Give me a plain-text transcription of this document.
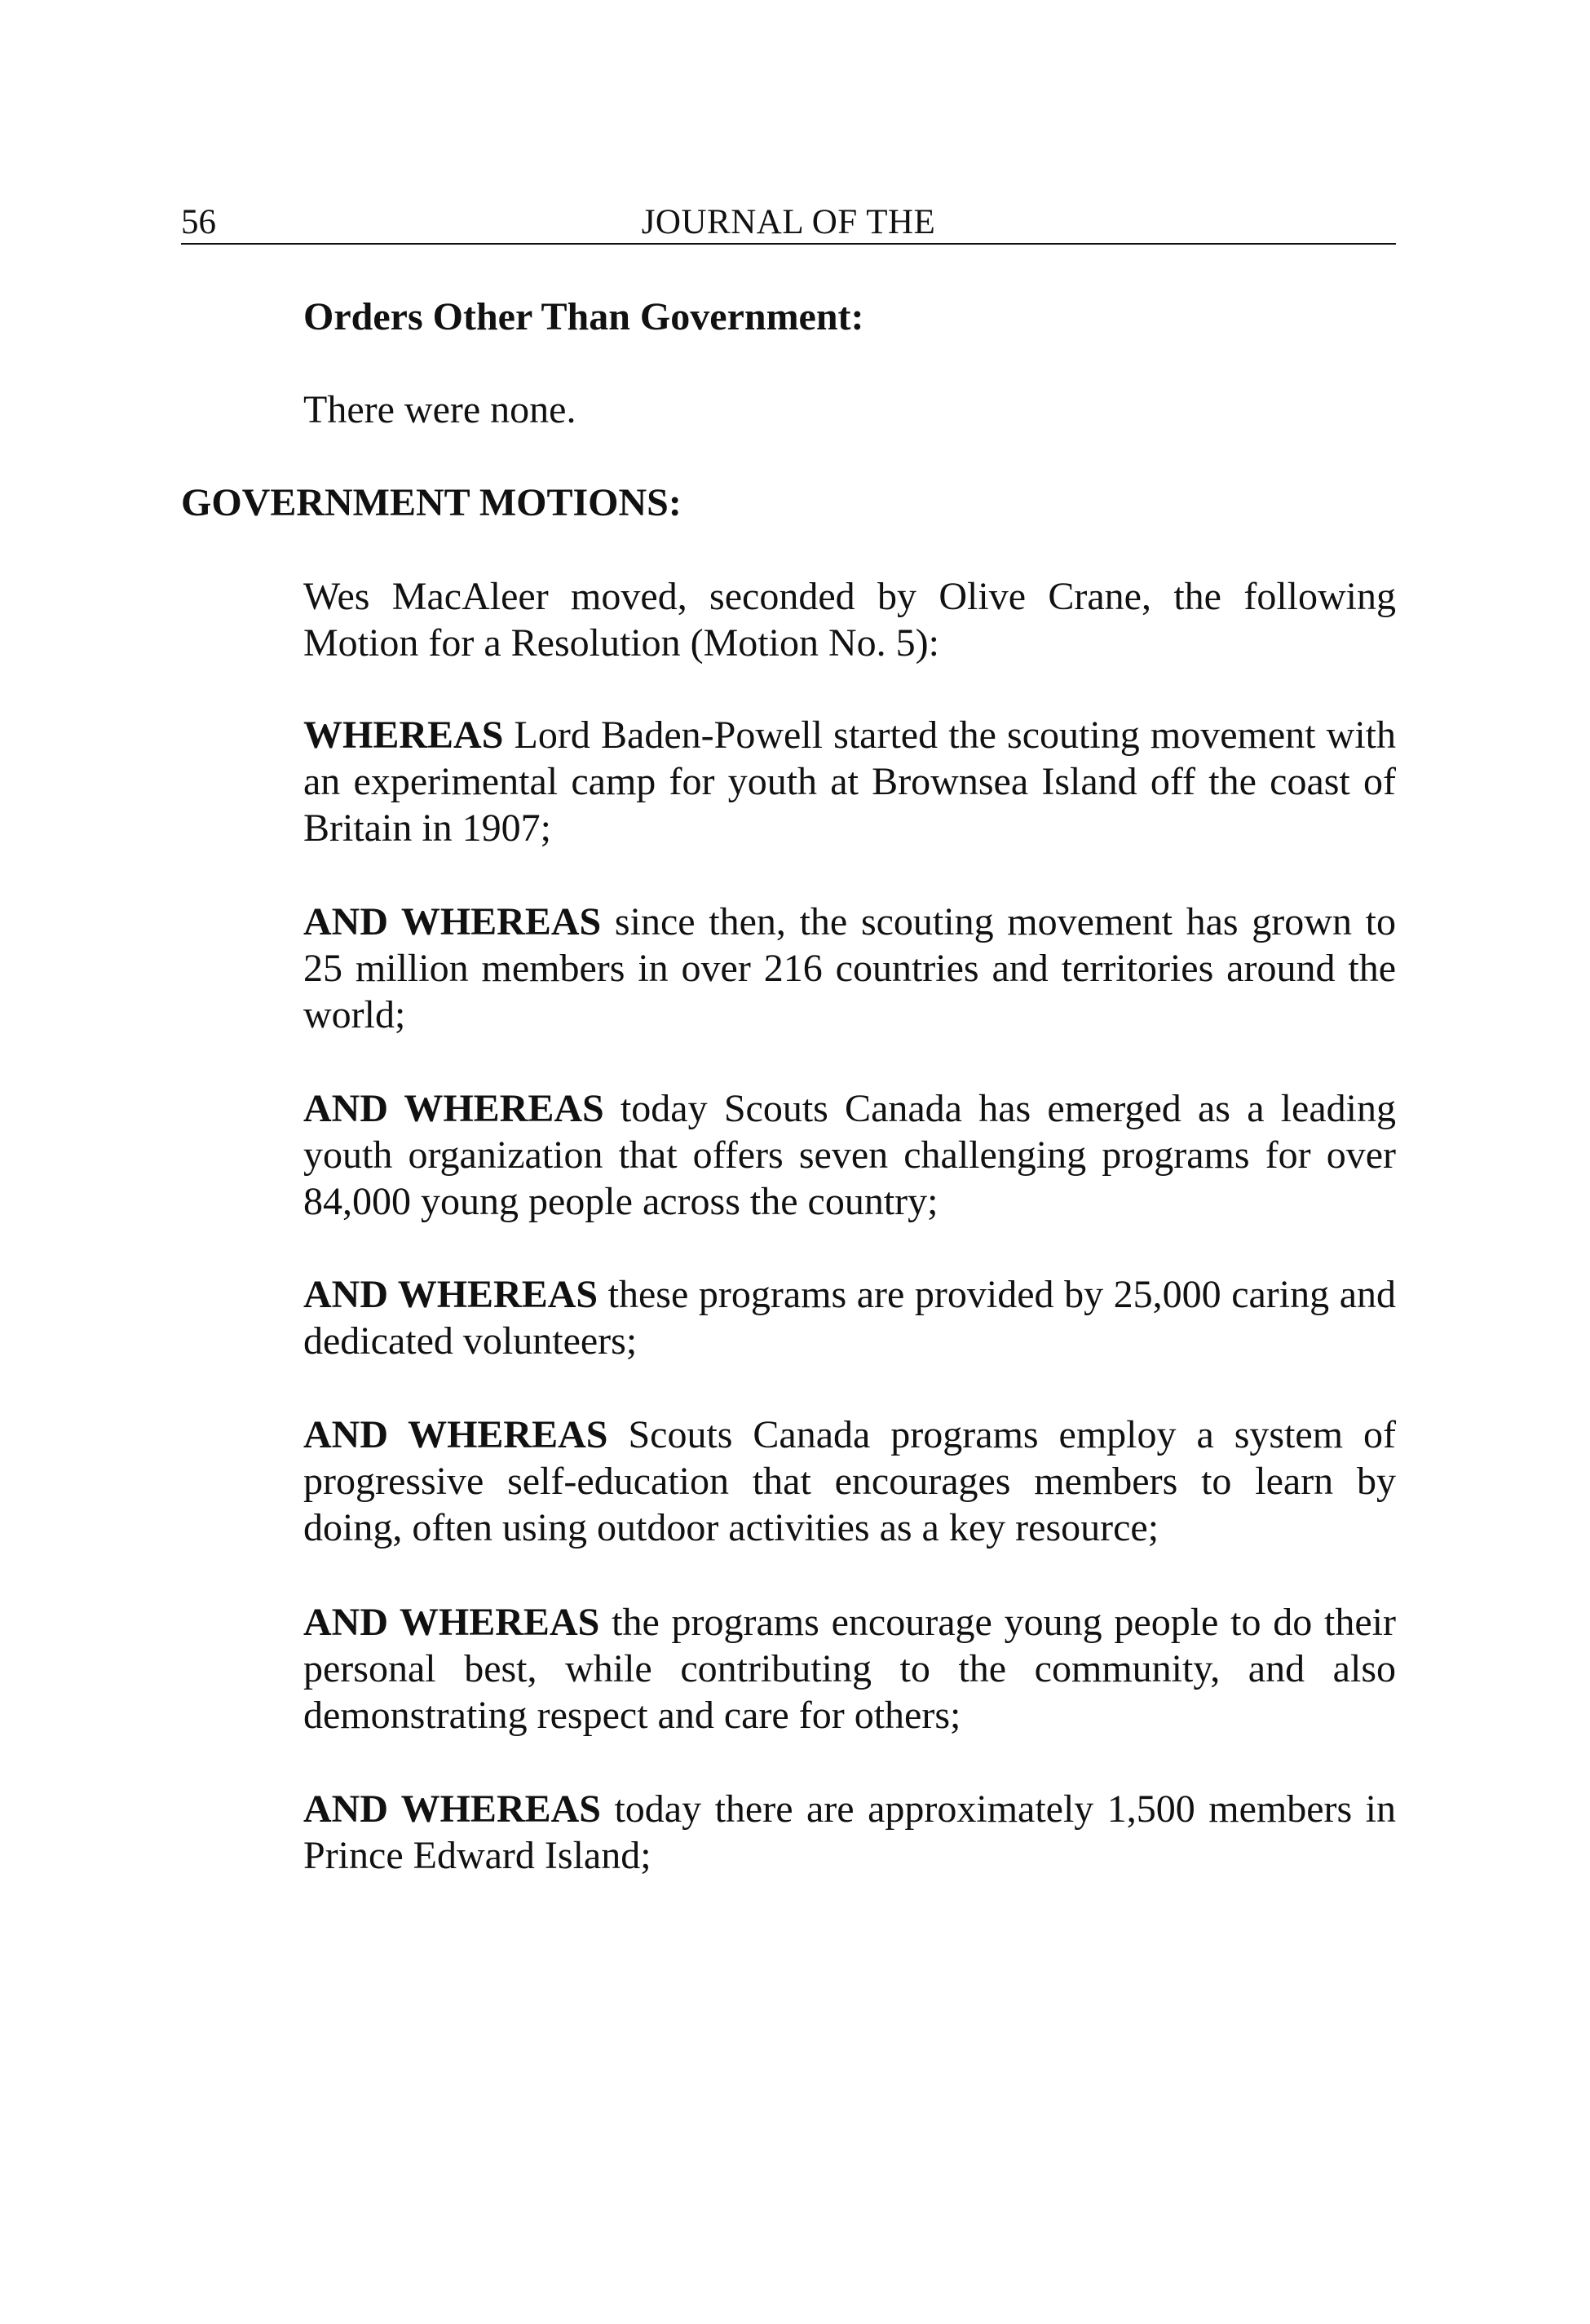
56	JOURNAL OF THE
Orders Other Than Government:
There were none.
GOVERNMENT MOTIONS:
Wes MacAleer moved, seconded by Olive Crane, the following Motion for a Resolution (Motion No. 5):
WHEREAS Lord Baden-Powell started the scouting movement with an experimental camp for youth at Brownsea Island off the coast of Britain in 1907;
AND WHEREAS since then, the scouting movement has grown to 25 million members in over 216 countries and territories around the world;
AND WHEREAS today Scouts Canada has emerged as a leading youth organization that offers seven challenging programs for over 84,000 young people across the country;
AND WHEREAS these programs are provided by 25,000 caring and dedicated volunteers;
AND WHEREAS Scouts Canada programs employ a system of progressive self-education that encourages members to learn by doing, often using outdoor activities as a key resource;
AND WHEREAS the programs encourage young people to do their personal best, while contributing to the community, and also demonstrating respect and care for others;
AND WHEREAS today there are approximately 1,500 members in Prince Edward Island;
